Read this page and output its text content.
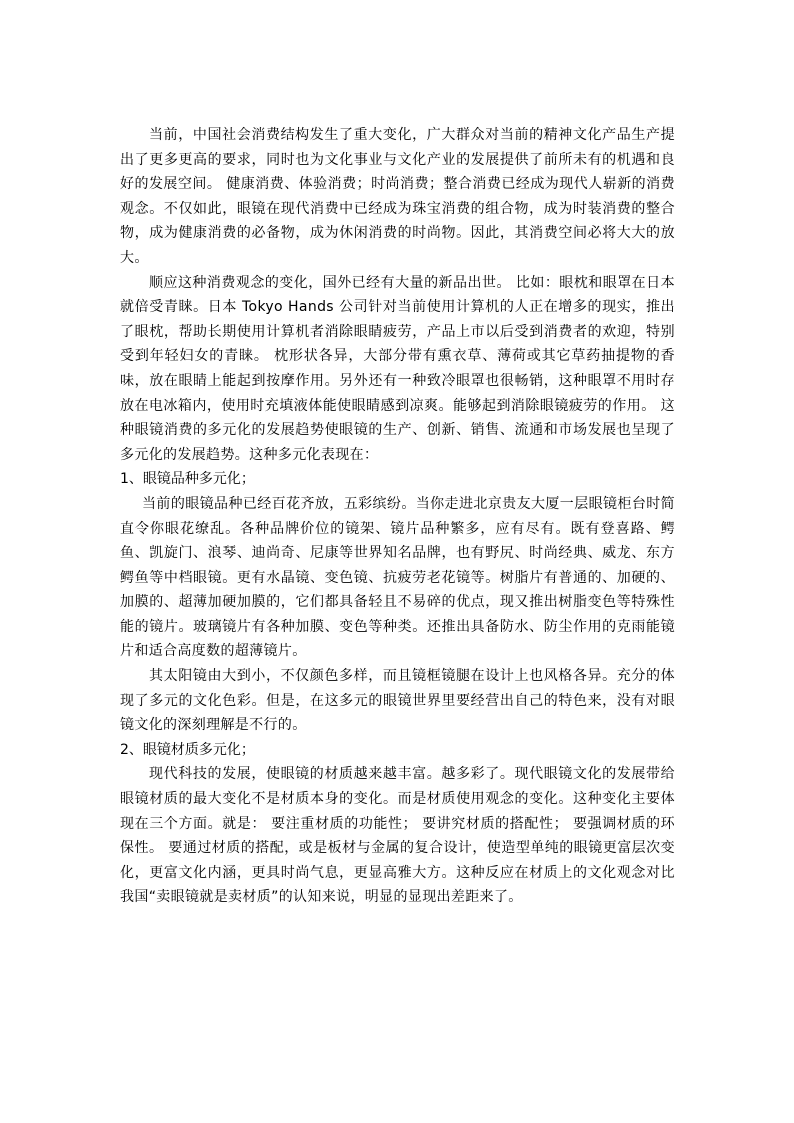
当前，中国社会消费结构发生了重大变化，广大群众对当前的精神文化产品生产提出了更多更高的要求，同时也为文化事业与文化产业的发展提供了前所未有的机遇和良好的发展空间。 健康消费、体验消费；时尚消费；整合消费已经成为现代人崭新的消费观念。不仅如此，眼镜在现代消费中已经成为珠宝消费的组合物，成为时装消费的整合物，成为健康消费的必备物，成为休闲消费的时尚物。因此，其消费空间必将大大的放大。

顺应这种消费观念的变化，国外已经有大量的新品出世。 比如：眼枕和眼罩在日本就倍受青睐。日本 Tokyo Hands 公司针对当前使用计算机的人正在增多的现实，推出了眼枕，帮助长期使用计算机者消除眼睛疲劳，产品上市以后受到消费者的欢迎，特别受到年轻妇女的青睐。 枕形状各异，大部分带有熏衣草、薄荷或其它草药抽提物的香味，放在眼睛上能起到按摩作用。另外还有一种致冷眼罩也很畅销，这种眼罩不用时存放在电冰箱内，使用时充填液体能使眼睛感到凉爽。能够起到消除眼镜疲劳的作用。 这种眼镜消费的多元化的发展趋势使眼镜的生产、创新、销售、流通和市场发展也呈现了多元化的发展趋势。这种多元化表现在：

1、眼镜品种多元化；

当前的眼镜品种已经百花齐放，五彩缤纷。当你走进北京贵友大厦一层眼镜柜台时简直令你眼花缭乱。各种品牌价位的镜架、镜片品种繁多，应有尽有。既有登喜路、鳄鱼、凯旋门、浪琴、迪尚奇、尼康等世界知名品牌，也有野尻、时尚经典、威龙、东方鳄鱼等中档眼镜。更有水晶镜、变色镜、抗疲劳老花镜等。树脂片有普通的、加硬的、加膜的、超薄加硬加膜的，它们都具备轻且不易碎的优点，现又推出树脂变色等特殊性能的镜片。玻璃镜片有各种加膜、变色等种类。还推出具备防水、防尘作用的克雨能镜片和适合高度数的超薄镜片。

其太阳镜由大到小，不仅颜色多样，而且镜框镜腿在设计上也风格各异。充分的体现了多元的文化色彩。但是，在这多元的眼镜世界里要经营出自己的特色来，没有对眼镜文化的深刻理解是不行的。

2、眼镜材质多元化；

现代科技的发展，使眼镜的材质越来越丰富。越多彩了。现代眼镜文化的发展带给眼镜材质的最大变化不是材质本身的变化。而是材质使用观念的变化。这种变化主要体现在三个方面。就是： 要注重材质的功能性； 要讲究材质的搭配性； 要强调材质的环保性。 要通过材质的搭配，或是板材与金属的复合设计，使造型单纯的眼镜更富层次变化，更富文化内涵，更具时尚气息，更显高雅大方。这种反应在材质上的文化观念对比我国“卖眼镜就是卖材质”的认知来说，明显的显现出差距来了。
